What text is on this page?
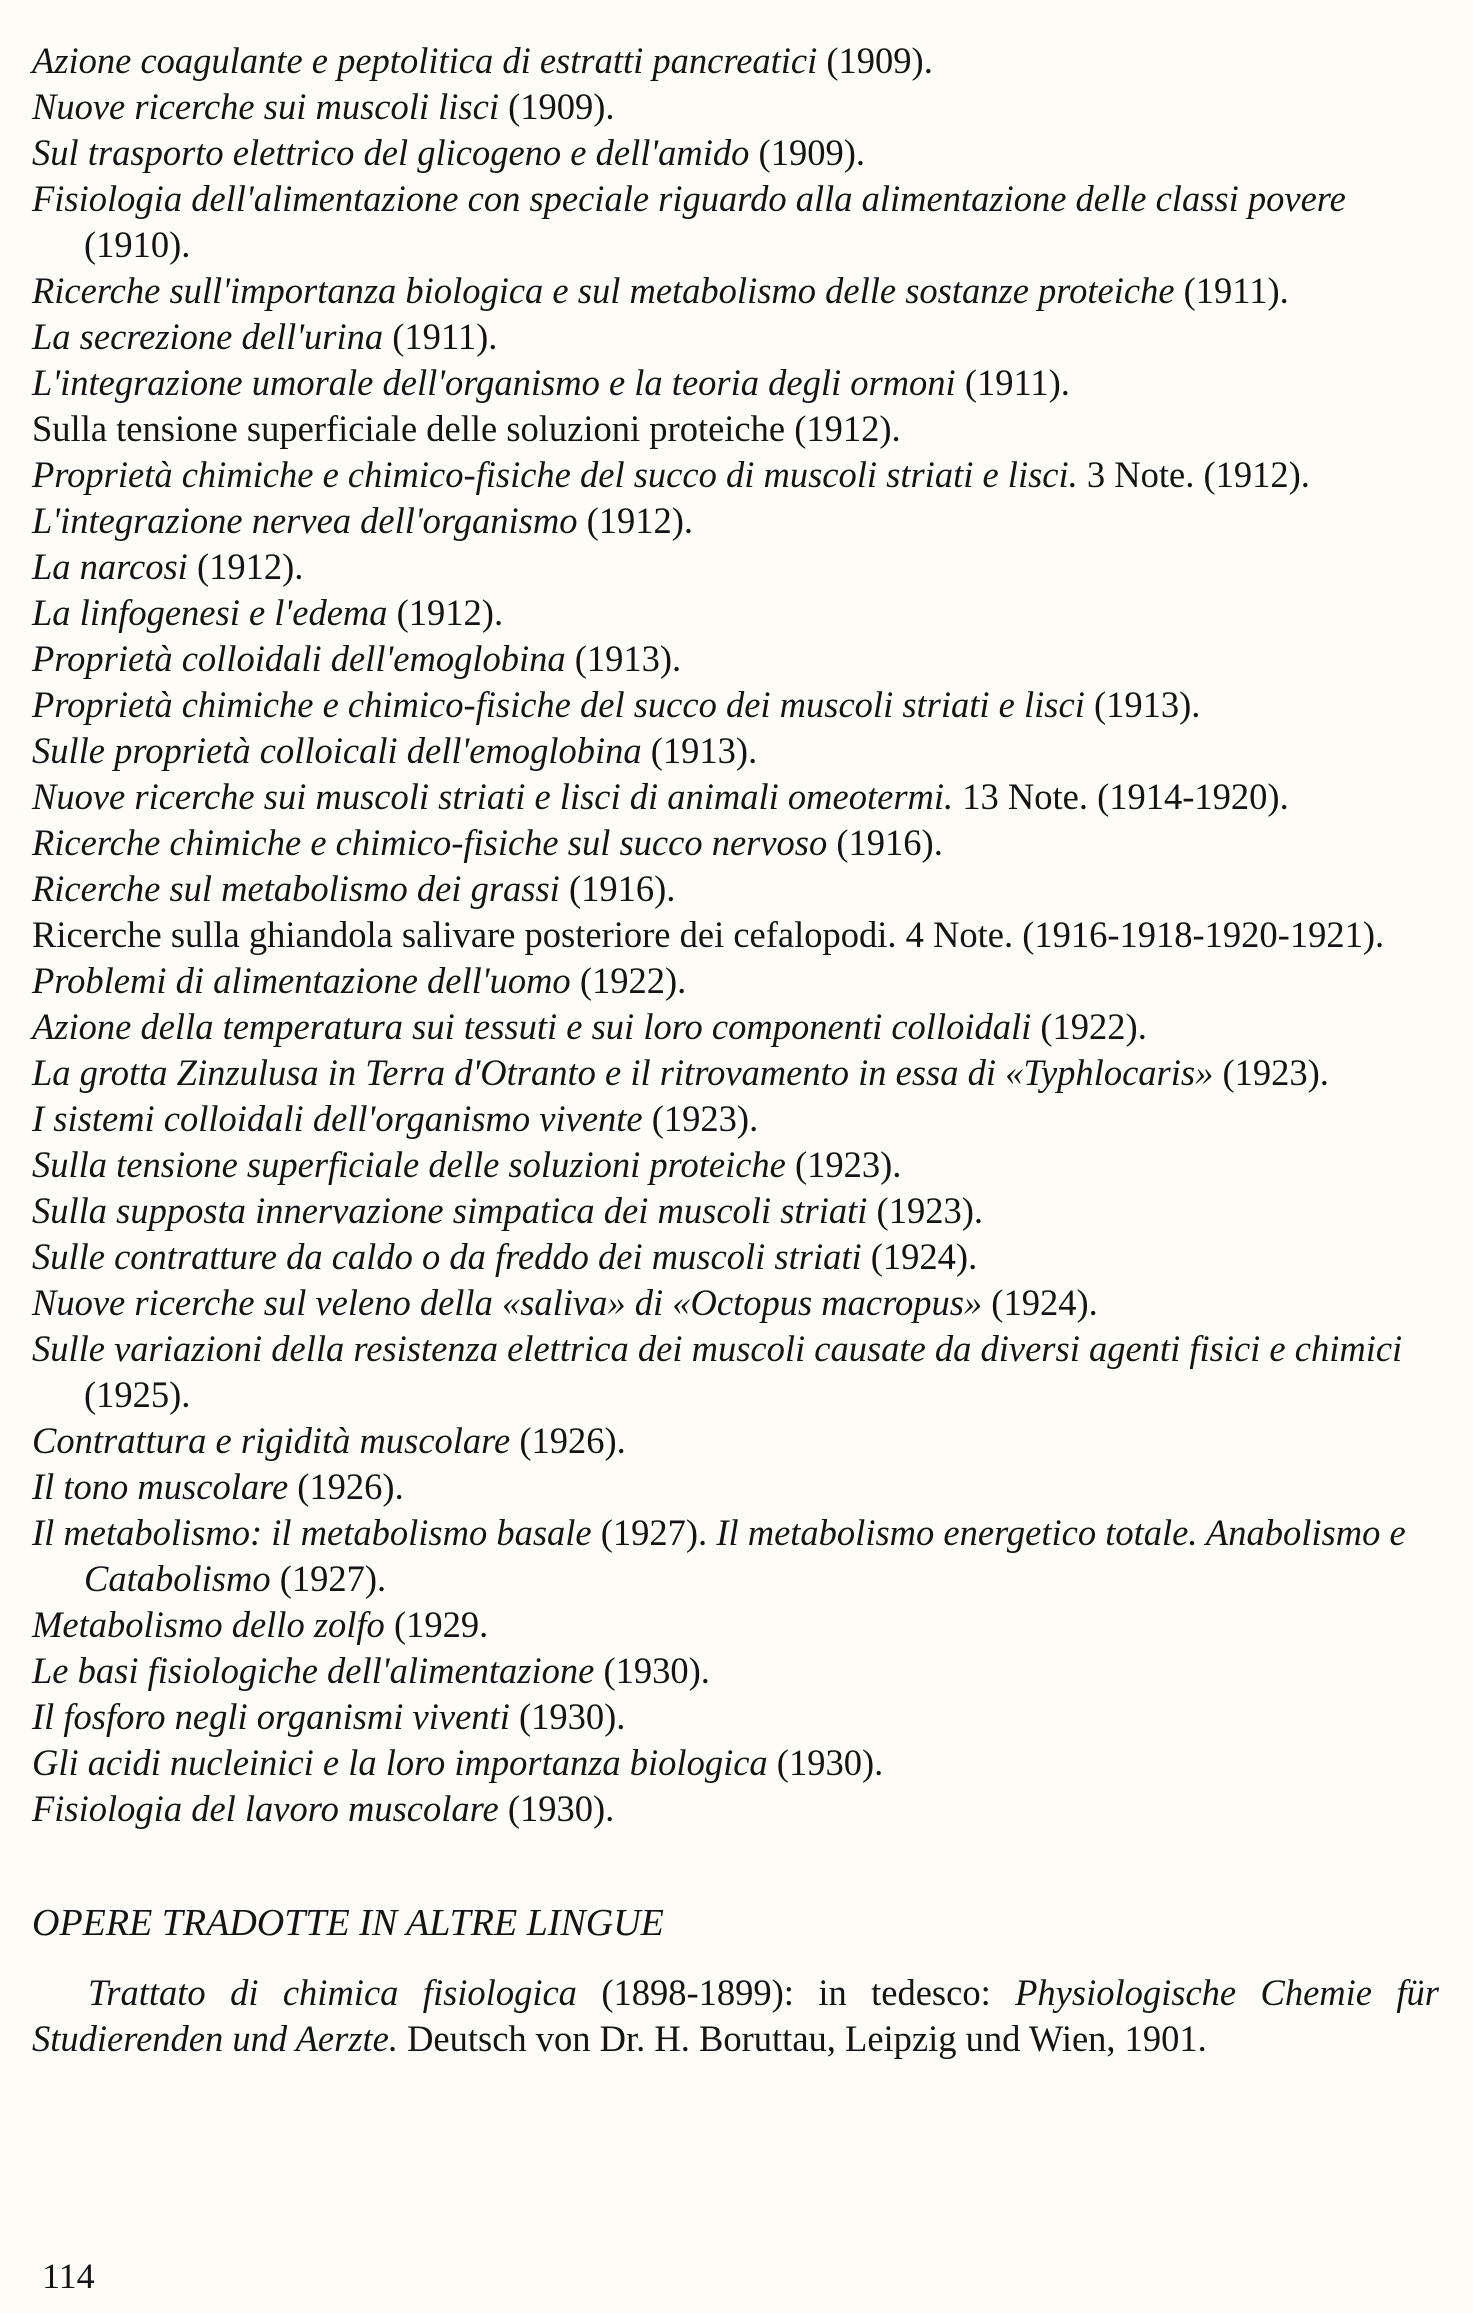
Azione coagulante e peptolitica di estratti pancreatici (1909).
Nuove ricerche sui muscoli lisci (1909).
Sul trasporto elettrico del glicogeno e dell'amido (1909).
Fisiologia dell'alimentazione con speciale riguardo alla alimentazione delle classi povere (1910).
Ricerche sull'importanza biologica e sul metabolismo delle sostanze proteiche (1911).
La secrezione dell'urina (1911).
L'integrazione umorale dell'organismo e la teoria degli ormoni (1911).
Sulla tensione superficiale delle soluzioni proteiche (1912).
Proprietà chimiche e chimico-fisiche del succo di muscoli striati e lisci. 3 Note. (1912).
L'integrazione nervea dell'organismo (1912).
La narcosi (1912).
La linfogenesi e l'edema (1912).
Proprietà colloidali dell'emoglobina (1913).
Proprietà chimiche e chimico-fisiche del succo dei muscoli striati e lisci (1913).
Sulle proprietà colloicali dell'emoglobina (1913).
Nuove ricerche sui muscoli striati e lisci di animali omeotermi. 13 Note. (1914-1920).
Ricerche chimiche e chimico-fisiche sul succo nervoso (1916).
Ricerche sul metabolismo dei grassi (1916).
Ricerche sulla ghiandola salivare posteriore dei cefalopodi. 4 Note. (1916-1918-1920-1921).
Problemi di alimentazione dell'uomo (1922).
Azione della temperatura sui tessuti e sui loro componenti colloidali (1922).
La grotta Zinzulusa in Terra d'Otranto e il ritrovamento in essa di «Typhlocaris» (1923).
I sistemi colloidali dell'organismo vivente (1923).
Sulla tensione superficiale delle soluzioni proteiche (1923).
Sulla supposta innervazione simpatica dei muscoli striati (1923).
Sulle contratture da caldo o da freddo dei muscoli striati (1924).
Nuove ricerche sul veleno della «saliva» di «Octopus macropus» (1924).
Sulle variazioni della resistenza elettrica dei muscoli causate da diversi agenti fisici e chimici (1925).
Contrattura e rigidità muscolare (1926).
Il tono muscolare (1926).
Il metabolismo: il metabolismo basale (1927). Il metabolismo energetico totale. Anabolismo e Catabolismo (1927).
Metabolismo dello zolfo (1929.
Le basi fisiologiche dell'alimentazione (1930).
Il fosforo negli organismi viventi (1930).
Gli acidi nucleinici e la loro importanza biologica (1930).
Fisiologia del lavoro muscolare (1930).
OPERE TRADOTTE IN ALTRE LINGUE

Trattato di chimica fisiologica (1898-1899): in tedesco: Physiologische Chemie für Studierenden und Aerzte. Deutsch von Dr. H. Boruttau, Leipzig und Wien, 1901.

114
